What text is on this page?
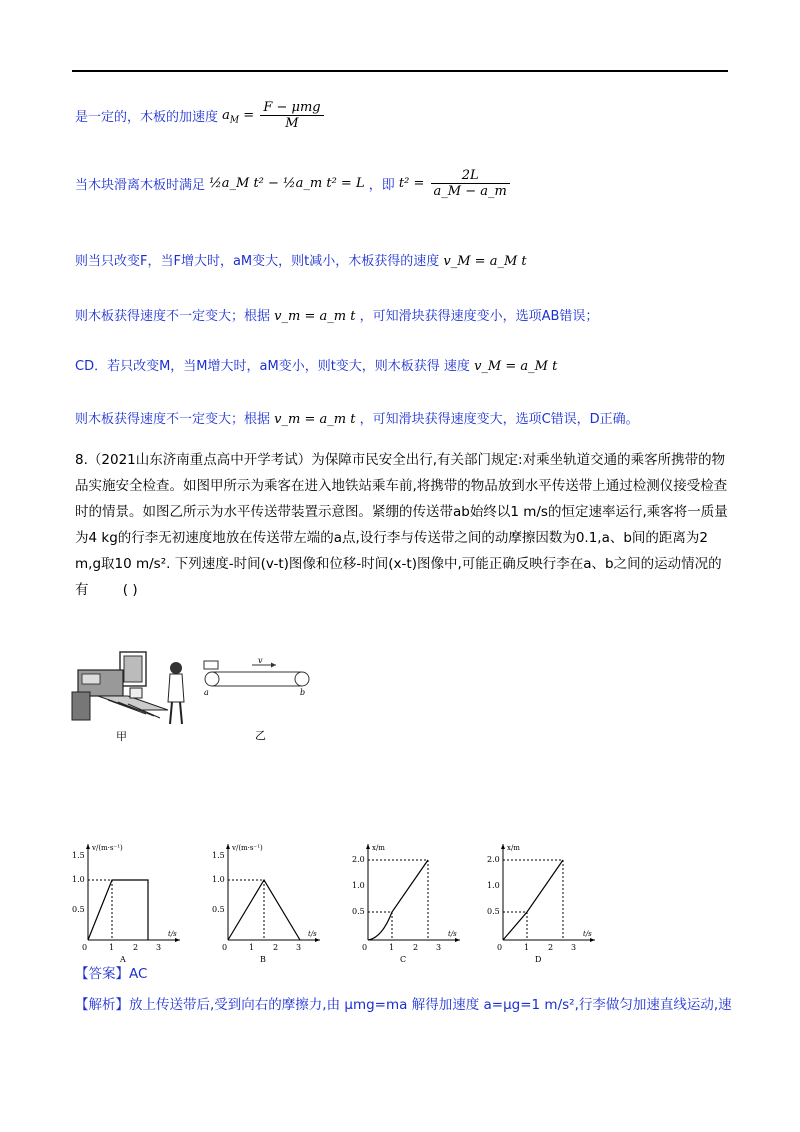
是一定的，木板的加速度 $a_M = \frac{\text{F − μmg}}{M}$
当木块滑离木板时满足 ½a_M t² − ½a_m t² = L ，即 $t^2 = \frac{2L}{a\_M - a\_m}$
则当只改变F，当F增大时，aM变大，则t减小，木板获得的速度 v_M = a_M t
则木板获得速度不一定变大；根据 v_m = a_m t ，可知滑块获得速度变小，选项AB错误；
CD．若只改变M，当M增大时，aM变小，则t变大，则木板获得 速度 v_M = a_M t
则木板获得速度不一定变大；根据 v_m = a_m t ，可知滑块获得速度变大，选项C错误，D正确。
8.（2021山东济南重点高中开学考试）为保障市民安全出行,有关部门规定:对乘坐轨道交通的乘客所携带的物品实施安全检查。如图甲所示为乘客在进入地铁站乘车前,将携带的物品放到水平传送带上通过检测仪接受检查时的情景。如图乙所示为水平传送带装置示意图。紧绷的传送带ab始终以1 m/s的恒定速率运行,乘客将一质量为4 kg的行李无初速度地放在传送带左端的a点,设行李与传送带之间的动摩擦因数为0.1,a、b间的距离为2 m,g取10 m/s². 下列速度-时间(v-t)图像和位移-时间(x-t)图像中,可能正确反映行李在a、b之间的运动情况的有	( )
甲
v
a	b
乙
v/(m·s⁻¹)
t/s
1.5
1.0
0.5
0	1 2 3
A
v/(m·s⁻¹)
t/s
1.5
1.0
0.5
0	1 2 3
B
x/m
t/s
2.0
1.0
0.5
0	1 2 3
C
x/m
t/s
2.0
1.0
0.5
0	1 2 3
D
【答案】AC
【解析】放上传送带后,受到向右的摩擦力,由 μmg=ma 解得加速度 a=μg=1 m/s²,行李做匀加速直线运动,速
